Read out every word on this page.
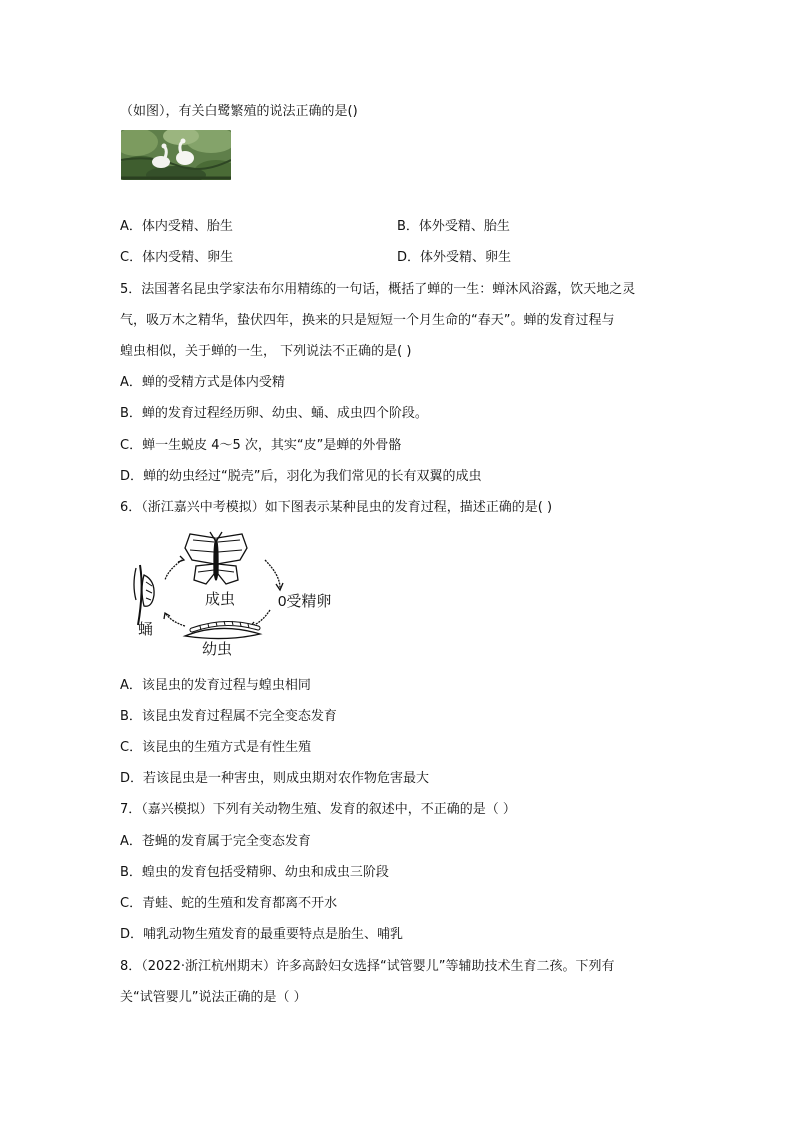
（如图），有关白鹭繁殖的说法正确的是()
A．体内受精、胎生	B．体外受精、胎生
C．体内受精、卵生	D．体外受精、卵生
5．法国著名昆虫学家法布尔用精练的一句话，概括了蝉的一生：蝉沐风浴露，饮天地之灵
气，吸万木之精华，蛰伏四年，换来的只是短短一个月生命的“春天”。蝉的发育过程与
蝗虫相似，关于蝉的一生， 下列说法不正确的是( )
A．蝉的受精方式是体内受精
B．蝉的发育过程经历卵、幼虫、蛹、成虫四个阶段。
C．蝉一生蜕皮 4～5 次，其实“皮”是蝉的外骨骼
D．蝉的幼虫经过“脱壳”后，羽化为我们常见的长有双翼的成虫
6．（浙江嘉兴中考模拟）如下图表示某种昆虫的发育过程，描述正确的是( )
成虫	0受精卵
蛹
幼虫
A．该昆虫的发育过程与蝗虫相同
B．该昆虫发育过程属不完全变态发育
C．该昆虫的生殖方式是有性生殖
D．若该昆虫是一种害虫，则成虫期对农作物危害最大
7．（嘉兴模拟）下列有关动物生殖、发育的叙述中，不正确的是（ ）
A．苍蝇的发育属于完全变态发育
B．蝗虫的发育包括受精卵、幼虫和成虫三阶段
C．青蛙、蛇的生殖和发育都离不开水
D．哺乳动物生殖发育的最重要特点是胎生、哺乳
8．（2022·浙江杭州期末）许多高龄妇女选择“试管婴儿”等辅助技术生育二孩。下列有
关“试管婴儿”说法正确的是（ ）
